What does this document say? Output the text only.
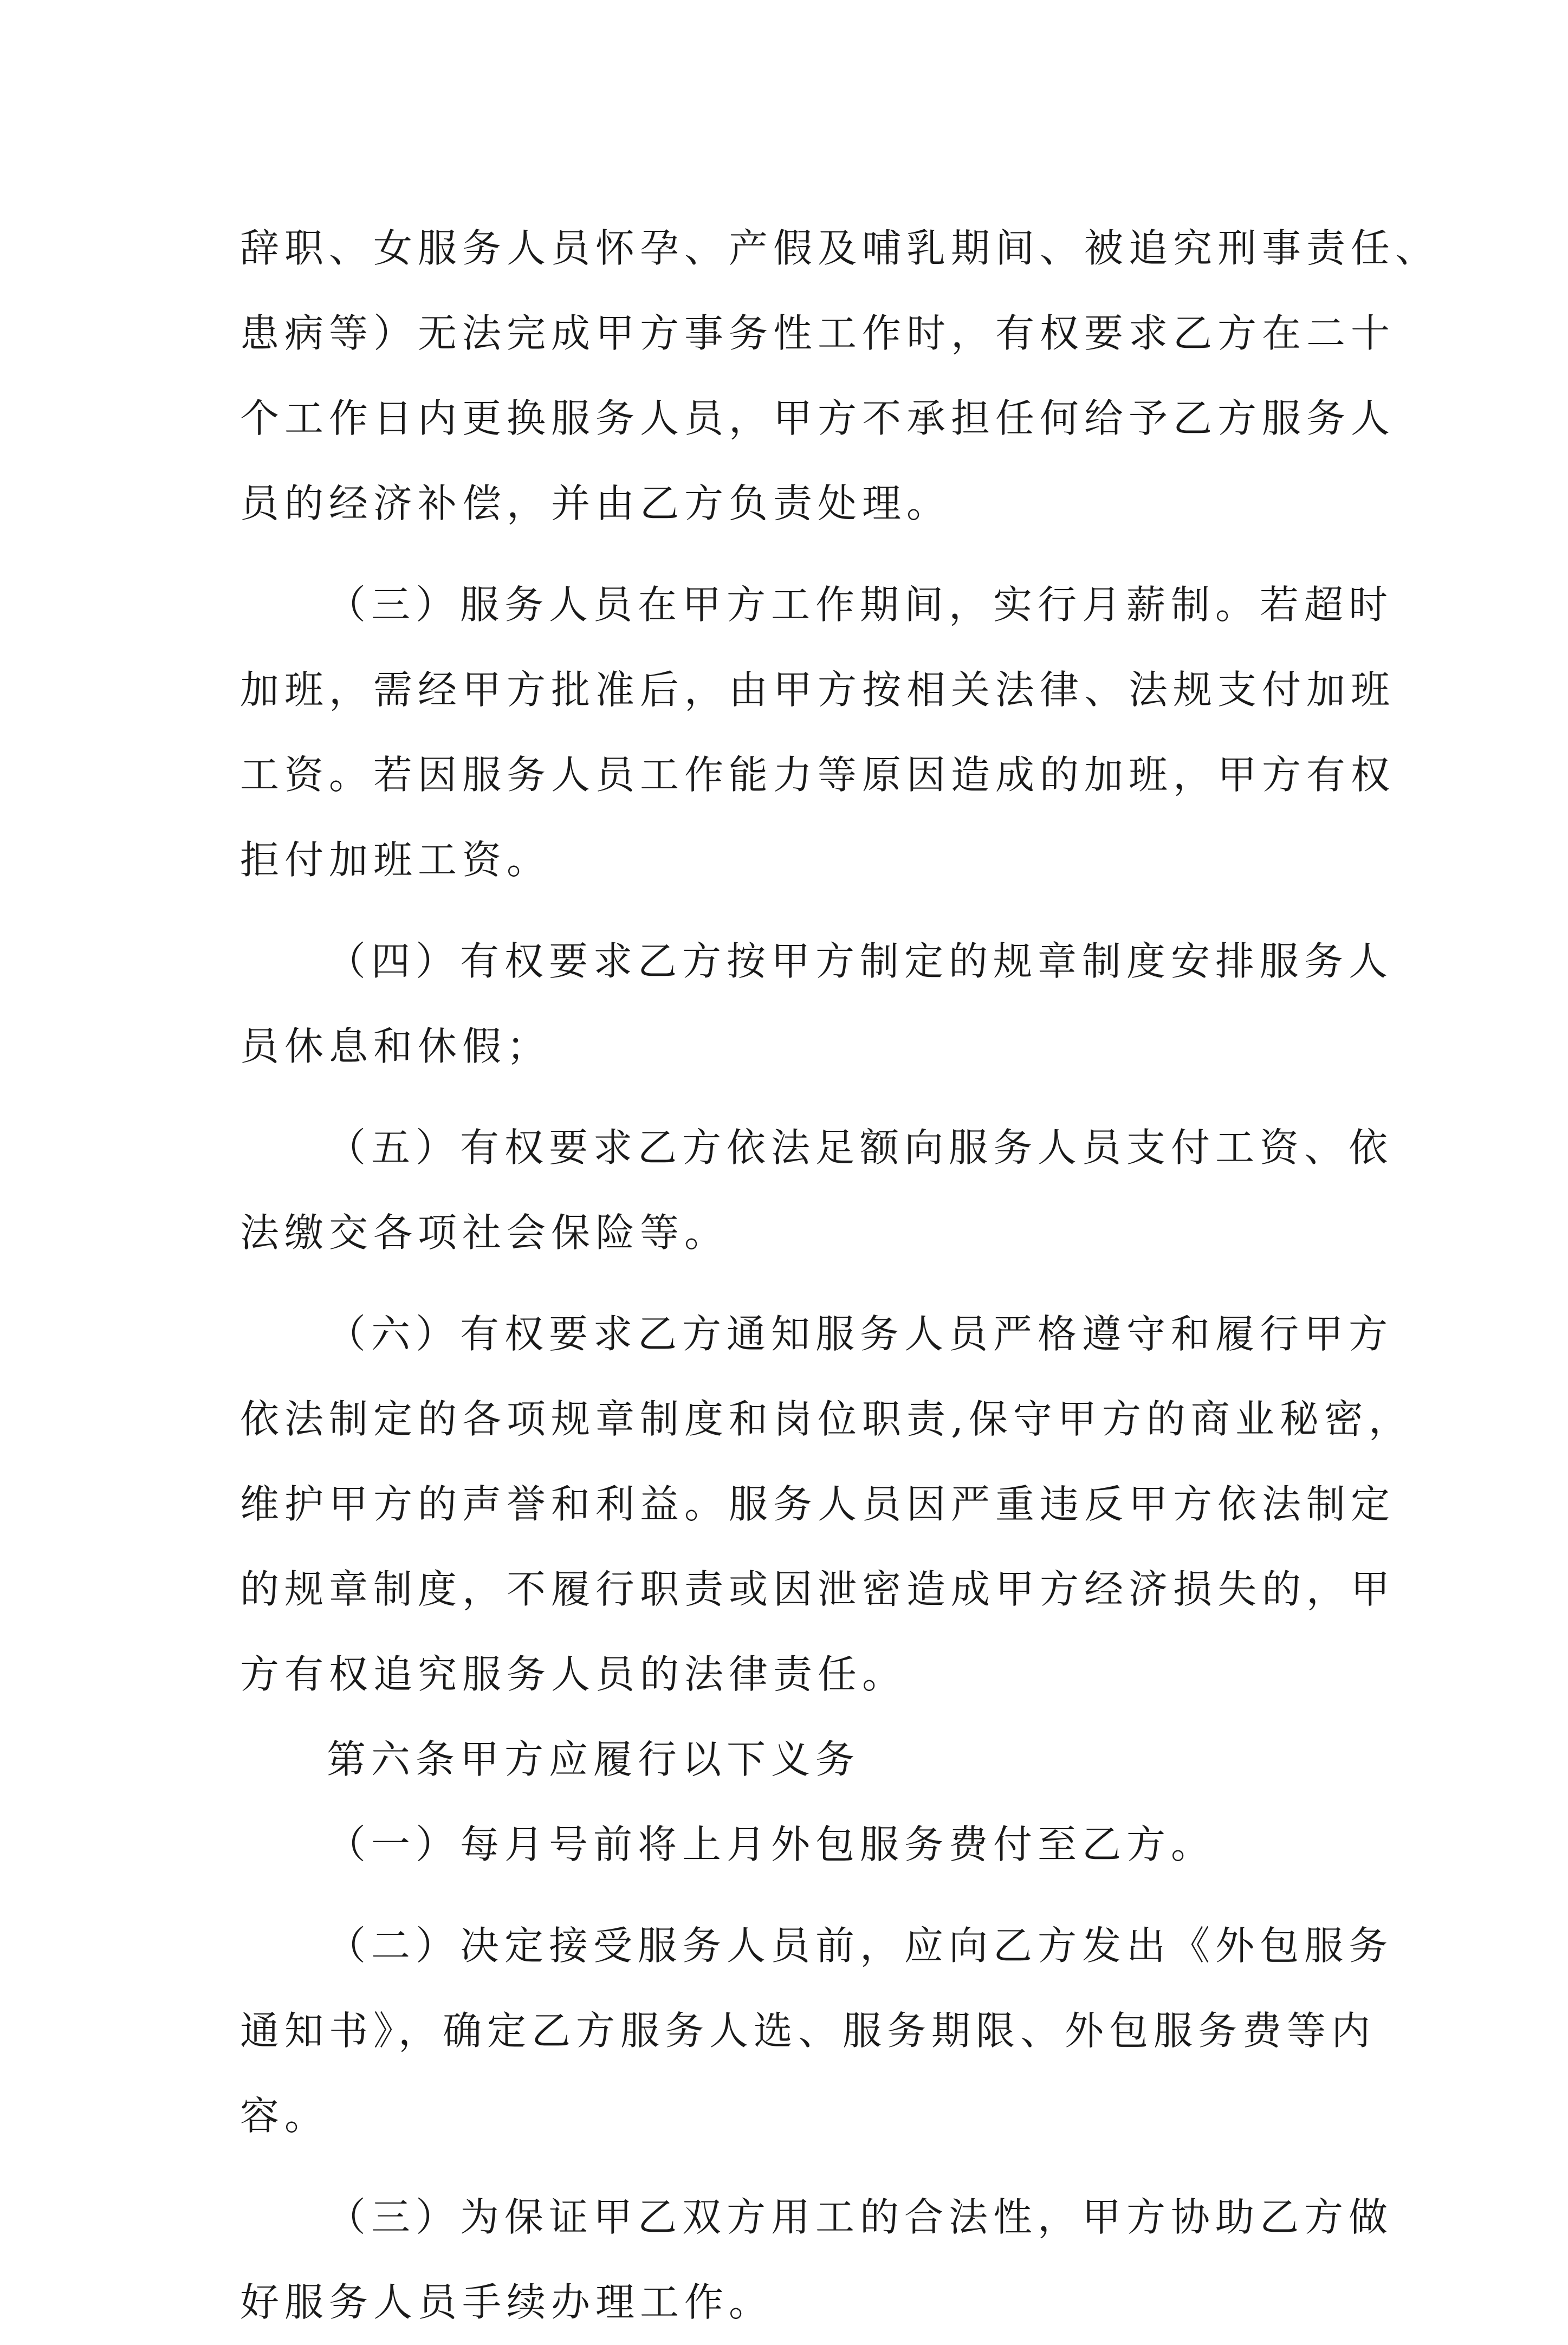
辞职、女服务人员怀孕、产假及哺乳期间、被追究刑事责任、
患病等）无法完成甲方事务性工作时，有权要求乙方在二十
个工作日内更换服务人员，甲方不承担任何给予乙方服务人
员的经济补偿，并由乙方负责处理。
（三）服务人员在甲方工作期间，实行月薪制。若超时
加班，需经甲方批准后，由甲方按相关法律、法规支付加班
工资。若因服务人员工作能力等原因造成的加班，甲方有权
拒付加班工资。
（四）有权要求乙方按甲方制定的规章制度安排服务人
员休息和休假；
（五）有权要求乙方依法足额向服务人员支付工资、依
法缴交各项社会保险等。
（六）有权要求乙方通知服务人员严格遵守和履行甲方
依法制定的各项规章制度和岗位职责,保守甲方的商业秘密，
维护甲方的声誉和利益。服务人员因严重违反甲方依法制定
的规章制度，不履行职责或因泄密造成甲方经济损失的，甲
方有权追究服务人员的法律责任。
第六条甲方应履行以下义务
（一）每月号前将上月外包服务费付至乙方。
（二）决定接受服务人员前，应向乙方发出《外包服务
通知书》，确定乙方服务人选、服务期限、外包服务费等内
容。
（三）为保证甲乙双方用工的合法性，甲方协助乙方做
好服务人员手续办理工作。
